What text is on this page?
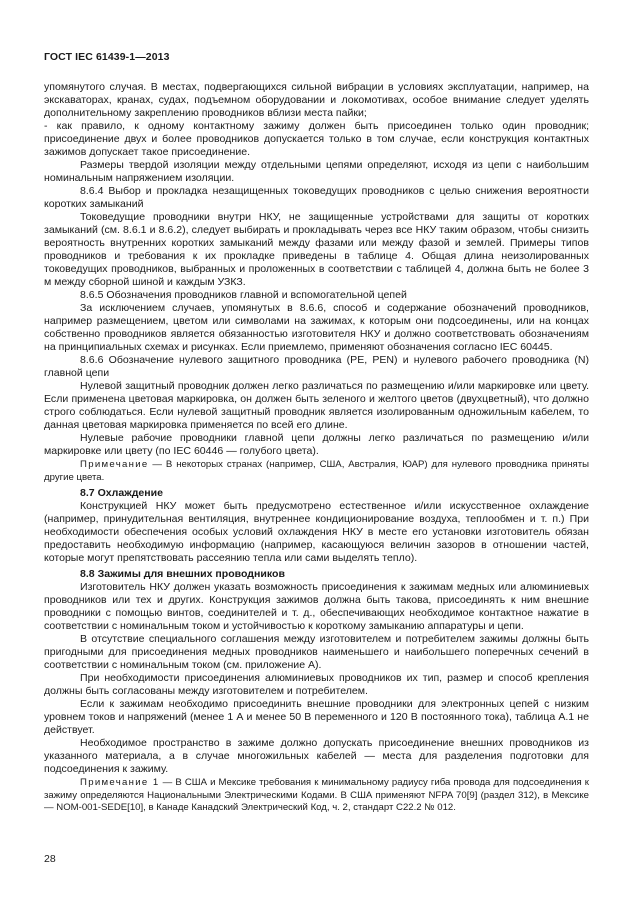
ГОСТ IEC 61439-1—2013

упомянутого случая. В местах, подвергающихся сильной вибрации в условиях эксплуатации, например, на экскаваторах, кранах, судах, подъемном оборудовании и локомотивах, особое внимание следует уделять дополнительному закреплению проводников вблизи места пайки;

- как правило, к одному контактному зажиму должен быть присоединен только один проводник; присоединение двух и более проводников допускается только в том случае, если конструкция контактных зажимов допускает такое присоединение.

Размеры твердой изоляции между отдельными цепями определяют, исходя из цепи с наибольшим номинальным напряжением изоляции.

8.6.4 Выбор и прокладка незащищенных токоведущих проводников с целью снижения вероятности коротких замыканий

Токоведущие проводники внутри НКУ, не защищенные устройствами для защиты от коротких замыканий (см. 8.6.1 и 8.6.2), следует выбирать и прокладывать через все НКУ таким образом, чтобы снизить вероятность внутренних коротких замыканий между фазами или между фазой и землей. Примеры типов проводников и требования к их прокладке приведены в таблице 4. Общая длина неизолированных токоведущих проводников, выбранных и проложенных в соответствии с таблицей 4, должна быть не более 3 м между сборной шиной и каждым УЗКЗ.

8.6.5 Обозначения проводников главной и вспомогательной цепей

За исключением случаев, упомянутых в 8.6.6, способ и содержание обозначений проводников, например размещением, цветом или символами на зажимах, к которым они подсоединены, или на концах собственно проводников является обязанностью изготовителя НКУ и должно соответствовать обозначениям на принципиальных схемах и рисунках. Если приемлемо, применяют обозначения согласно IEC 60445.

8.6.6 Обозначение нулевого защитного проводника (PE, PEN) и нулевого рабочего проводника (N) главной цепи

Нулевой защитный проводник должен легко различаться по размещению и/или маркировке или цвету. Если применена цветовая маркировка, он должен быть зеленого и желтого цветов (двухцветный), что должно строго соблюдаться. Если нулевой защитный проводник является изолированным одножильным кабелем, то данная цветовая маркировка применяется по всей его длине.

Нулевые рабочие проводники главной цепи должны легко различаться по размещению и/или маркировке или цвету (по IEC 60446 — голубого цвета).

Примечание — В некоторых странах (например, США, Австралия, ЮАР) для нулевого проводника приняты другие цвета.

8.7 Охлаждение

Конструкцией НКУ может быть предусмотрено естественное и/или искусственное охлаждение (например, принудительная вентиляция, внутреннее кондиционирование воздуха, теплообмен и т. п.) При необходимости обеспечения особых условий охлаждения НКУ в месте его установки изготовитель обязан предоставить необходимую информацию (например, касающуюся величин зазоров в отношении частей, которые могут препятствовать рассеянию тепла или сами выделять тепло).

8.8 Зажимы для внешних проводников

Изготовитель НКУ должен указать возможность присоединения к зажимам медных или алюминиевых проводников или тех и других. Конструкция зажимов должна быть такова, присоединять к ним внешние проводники с помощью винтов, соединителей и т. д., обеспечивающих необходимое контактное нажатие в соответствии с номинальным током и устойчивостью к короткому замыканию аппаратуры и цепи.

В отсутствие специального соглашения между изготовителем и потребителем зажимы должны быть пригодными для присоединения медных проводников наименьшего и наибольшего поперечных сечений в соответствии с номинальным током (см. приложение А).

При необходимости присоединения алюминиевых проводников их тип, размер и способ крепления должны быть согласованы между изготовителем и потребителем.

Если к зажимам необходимо присоединить внешние проводники для электронных цепей с низким уровнем токов и напряжений (менее 1 А и менее 50 В переменного и 120 В постоянного тока), таблица А.1 не действует.

Необходимое пространство в зажиме должно допускать присоединение внешних проводников из указанного материала, а в случае многожильных кабелей — места для разделения подготовки для подсоединения к зажиму.

Примечание 1 — В США и Мексике требования к минимальному радиусу гиба провода для подсоединения к зажиму определяются Национальными Электрическими Кодами. В США применяют NFPA 70[9] (раздел 312), в Мексике — NOM-001-SEDE[10], в Канаде Канадский Электрический Код, ч. 2, стандарт С22.2 № 012.

28
